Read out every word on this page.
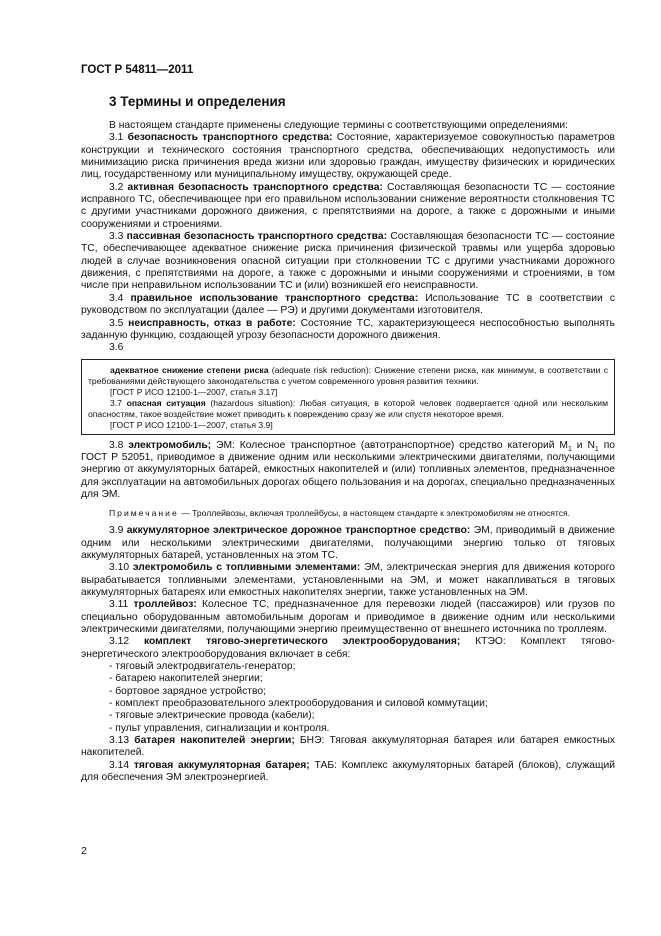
ГОСТ Р 54811—2011
3 Термины и определения

В настоящем стандарте применены следующие термины с соответствующими определениями:

3.1 безопасность транспортного средства: Состояние, характеризуемое совокупностью параметров конструкции и технического состояния транспортного средства, обеспечивающих недопустимость или минимизацию риска причинения вреда жизни или здоровью граждан, имуществу физических и юридических лиц, государственному или муниципальному имуществу, окружающей среде.

3.2 активная безопасность транспортного средства: Составляющая безопасности ТС — состояние исправного ТС, обеспечивающее при его правильном использовании снижение вероятности столкновения ТС с другими участниками дорожного движения, с препятствиями на дороге, а также с дорожными и иными сооружениями и строениями.

3.3 пассивная безопасность транспортного средства: Составляющая безопасности ТС — состояние ТС, обеспечивающее адекватное снижение риска причинения физической травмы или ущерба здоровью людей в случае возникновения опасной ситуации при столкновении ТС с другими участниками дорожного движения, с препятствиями на дороге, а также с дорожными и иными сооружениями и строениями, в том числе при неправильном использовании ТС и (или) возникшей его неисправности.

3.4 правильное использование транспортного средства: Использование ТС в соответствии с руководством по эксплуатации (далее — РЭ) и другими документами изготовителя.

3.5 неисправность, отказ в работе: Состояние ТС, характеризующееся неспособностью выполнять заданную функцию, создающей угрозу безопасности дорожного движения.

3.6

адекватное снижение степени риска (adequate risk reduction): Снижение степени риска, как минимум, в соответствии с требованиями действующего законодательства с учетом современного уровня развития техники.

[ГОСТ Р ИСО 12100-1—2007, статья 3.17]

3.7 опасная ситуация (hazardous situation): Любая ситуация, в которой человек подвергается одной или нескольким опасностям, такое воздействие может приводить к повреждению сразу же или спустя некоторое время.

[ГОСТ Р ИСО 12100-1—2007, статья 3.9]

3.8 электромобиль; ЭМ: Колесное транспортное (автотранспортное) средство категорий $M_1$ и $N_1$ по ГОСТ Р 52051, приводимое в движение одним или несколькими электрическими двигателями, получающими энергию от аккумуляторных батарей, емкостных накопителей и (или) топливных элементов, предназначенное для эксплуатации на автомобильных дорогах общего пользования и на дорогах, специально предназначенных для ЭМ.

Примечание — Троллейвозы, включая троллейбусы, в настоящем стандарте к электромобилям не относятся.

3.9 аккумуляторное электрическое дорожное транспортное средство: ЭМ, приводимый в движение одним или несколькими электрическими двигателями, получающими энергию только от тяговых аккумуляторных батарей, установленных на этом ТС.

3.10 электромобиль с топливными элементами: ЭМ, электрическая энергия для движения которого вырабатывается топливными элементами, установленными на ЭМ, и может накапливаться в тяговых аккумуляторных батареях или емкостных накопителях энергии, также установленных на ЭМ.

3.11 троллейвоз: Колесное ТС, предназначенное для перевозки людей (пассажиров) или грузов по специально оборудованным автомобильным дорогам и приводимое в движение одним или несколькими электрическими двигателями, получающими энергию преимущественно от внешнего источника по троллеям.

3.12 комплект тягово-энергетического электрооборудования; КТЭО: Комплект тягово-энергетического электрооборудования включает в себя:

- тяговый электродвигатель-генератор;
- батарею накопителей энергии;
- бортовое зарядное устройство;
- комплект преобразовательного электрооборудования и силовой коммутации;
- тяговые электрические провода (кабели);
- пульт управления, сигнализации и контроля.

3.13 батарея накопителей энергии; БНЭ: Тяговая аккумуляторная батарея или батарея емкостных накопителей.

3.14 тяговая аккумуляторная батарея; ТАБ: Комплекс аккумуляторных батарей (блоков), служащий для обеспечения ЭМ электроэнергией.

2
